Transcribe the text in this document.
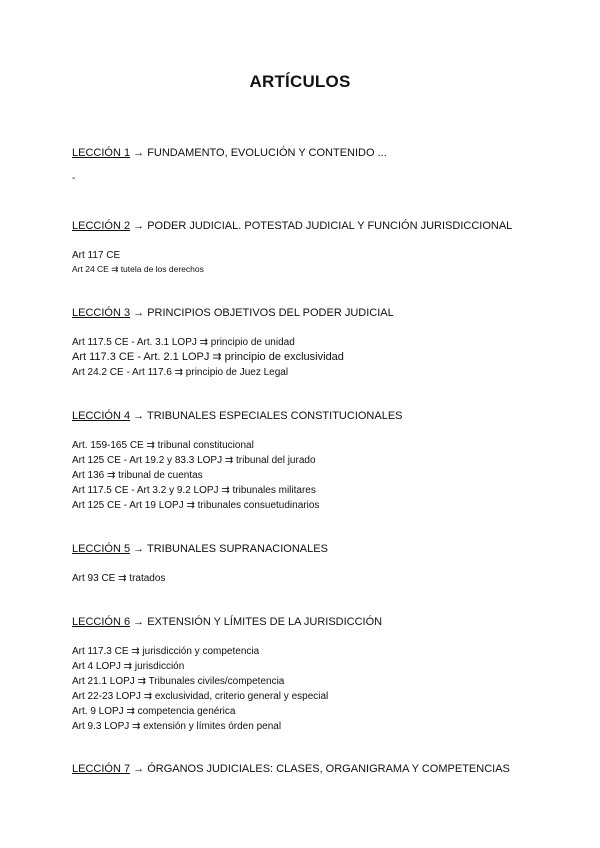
ARTÍCULOS
LECCIÓN 1 → FUNDAMENTO, EVOLUCIÓN Y CONTENIDO ...
-
LECCIÓN 2 → PODER JUDICIAL. POTESTAD JUDICIAL Y FUNCIÓN JURISDICCIONAL
Art 117 CE
Art 24 CE ⇉ tutela de los derechos
LECCIÓN 3 → PRINCIPIOS OBJETIVOS DEL PODER JUDICIAL
Art 117.5 CE - Art. 3.1 LOPJ ⇉ principio de unidad
Art 117.3 CE - Art. 2.1 LOPJ ⇉ principio de exclusividad
Art 24.2 CE - Art 117.6 ⇉ principio de Juez Legal
LECCIÓN 4 → TRIBUNALES ESPECIALES CONSTITUCIONALES
Art. 159-165 CE ⇉ tribunal constitucional
Art 125 CE - Art 19.2 y 83.3 LOPJ ⇉ tribunal del jurado
Art 136 ⇉ tribunal de cuentas
Art 117.5 CE - Art 3.2 y 9.2 LOPJ ⇉ tribunales militares
Art 125 CE - Art 19 LOPJ ⇉ tribunales consuetudinarios
LECCIÓN 5 → TRIBUNALES SUPRANACIONALES
Art 93 CE ⇉ tratados
LECCIÓN 6 → EXTENSIÓN Y LÍMITES DE LA JURISDICCIÓN
Art 117.3 CE ⇉ jurisdicción y competencia
Art 4 LOPJ ⇉ jurisdicción
Art 21.1 LOPJ ⇉ Tribunales civiles/competencia
Art 22-23 LOPJ ⇉ exclusividad, criterio general y especial
Art. 9 LOPJ ⇉ competencia genérica
Art 9.3 LOPJ ⇉ extensión y límites órden penal
LECCIÓN 7 → ÓRGANOS JUDICIALES: CLASES, ORGANIGRAMA Y COMPETENCIAS
